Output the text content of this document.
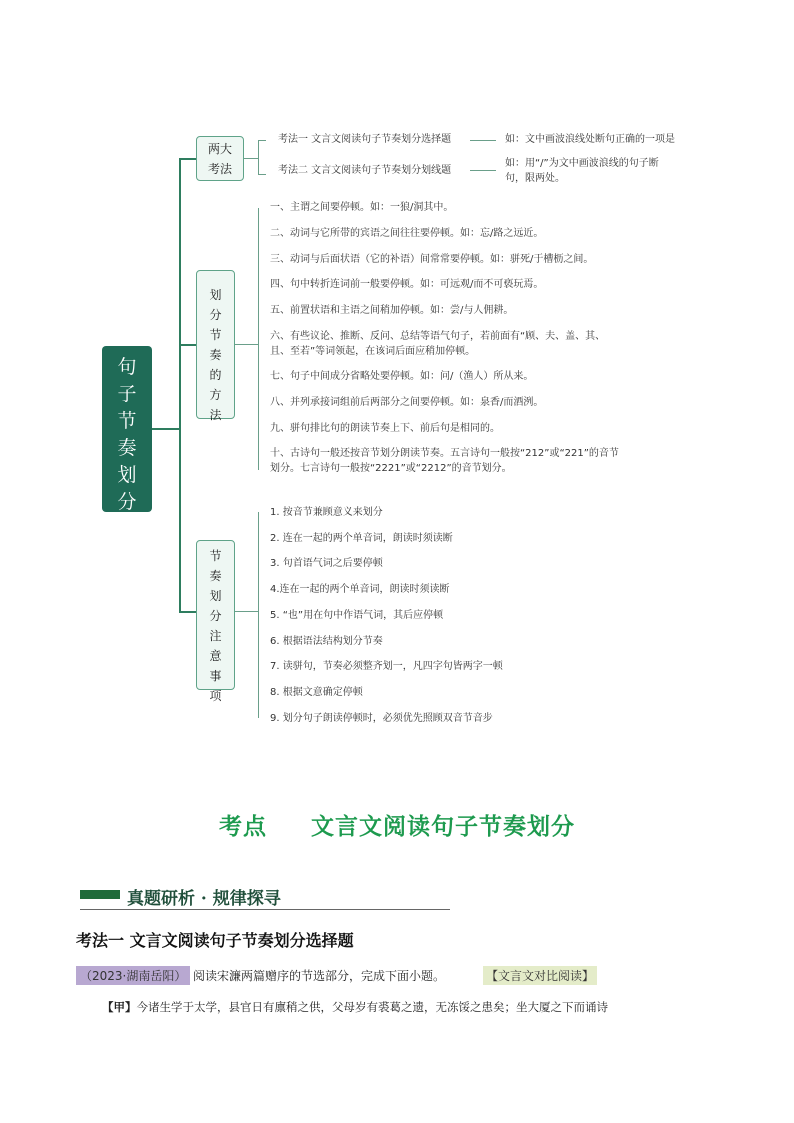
句子节奏划分
两大考法
划分节奏的方法
节奏划分注意事项
考法一 文言文阅读句子节奏划分选择题	如：文中画波浪线处断句正确的一项是
考法二 文言文阅读句子节奏划分划线题
如：用“/”为文中画波浪线的句子断句，限两处。
一、主谓之间要停顿。如：一狼/洞其中。
二、动词与它所带的宾语之间往往要停顿。如：忘/路之远近。
三、动词与后面状语（它的补语）间常常要停顿。如：骈死/于槽枥之间。
四、句中转折连词前一般要停顿。如：可远观/而不可亵玩焉。
五、前置状语和主语之间稍加停顿。如：尝/与人佣耕。
六、有些议论、推断、反问、总结等语气句子，若前面有“顾、夫、盖、其、且、至若”等词领起，在该词后面应稍加停顿。
七、句子中间成分省略处要停顿。如：问/（渔人）所从来。
八、并列承接词组前后两部分之间要停顿。如：泉香/而酒洌。
九、骈句排比句的朗读节奏上下、前后句是相同的。
十、古诗句一般还按音节划分朗读节奏。五言诗句一般按“212”或“221”的音节划分。七言诗句一般按“2221”或“2212”的音节划分。
1. 按音节兼顾意义来划分
2. 连在一起的两个单音词，朗读时须读断
3. 句首语气词之后要停顿
4.连在一起的两个单音词，朗读时须读断
5. “也”用在句中作语气词，其后应停顿
6. 根据语法结构划分节奏
7. 读骈句，节奏必须整齐划一，凡四字句皆两字一顿
8. 根据文意确定停顿
9. 划分句子朗读停顿时，必须优先照顾双音节音步
考点 文言文阅读句子节奏划分
真题研析 · 规律探寻
考法一 文言文阅读句子节奏划分选择题
（2023·湖南岳阳） 阅读宋濂两篇赠序的节选部分，完成下面小题。	【文言文对比阅读】
【甲】今诸生学于太学，县官日有廪稍之供，父母岁有裘葛之遗，无冻馁之患矣；坐大厦之下而诵诗
